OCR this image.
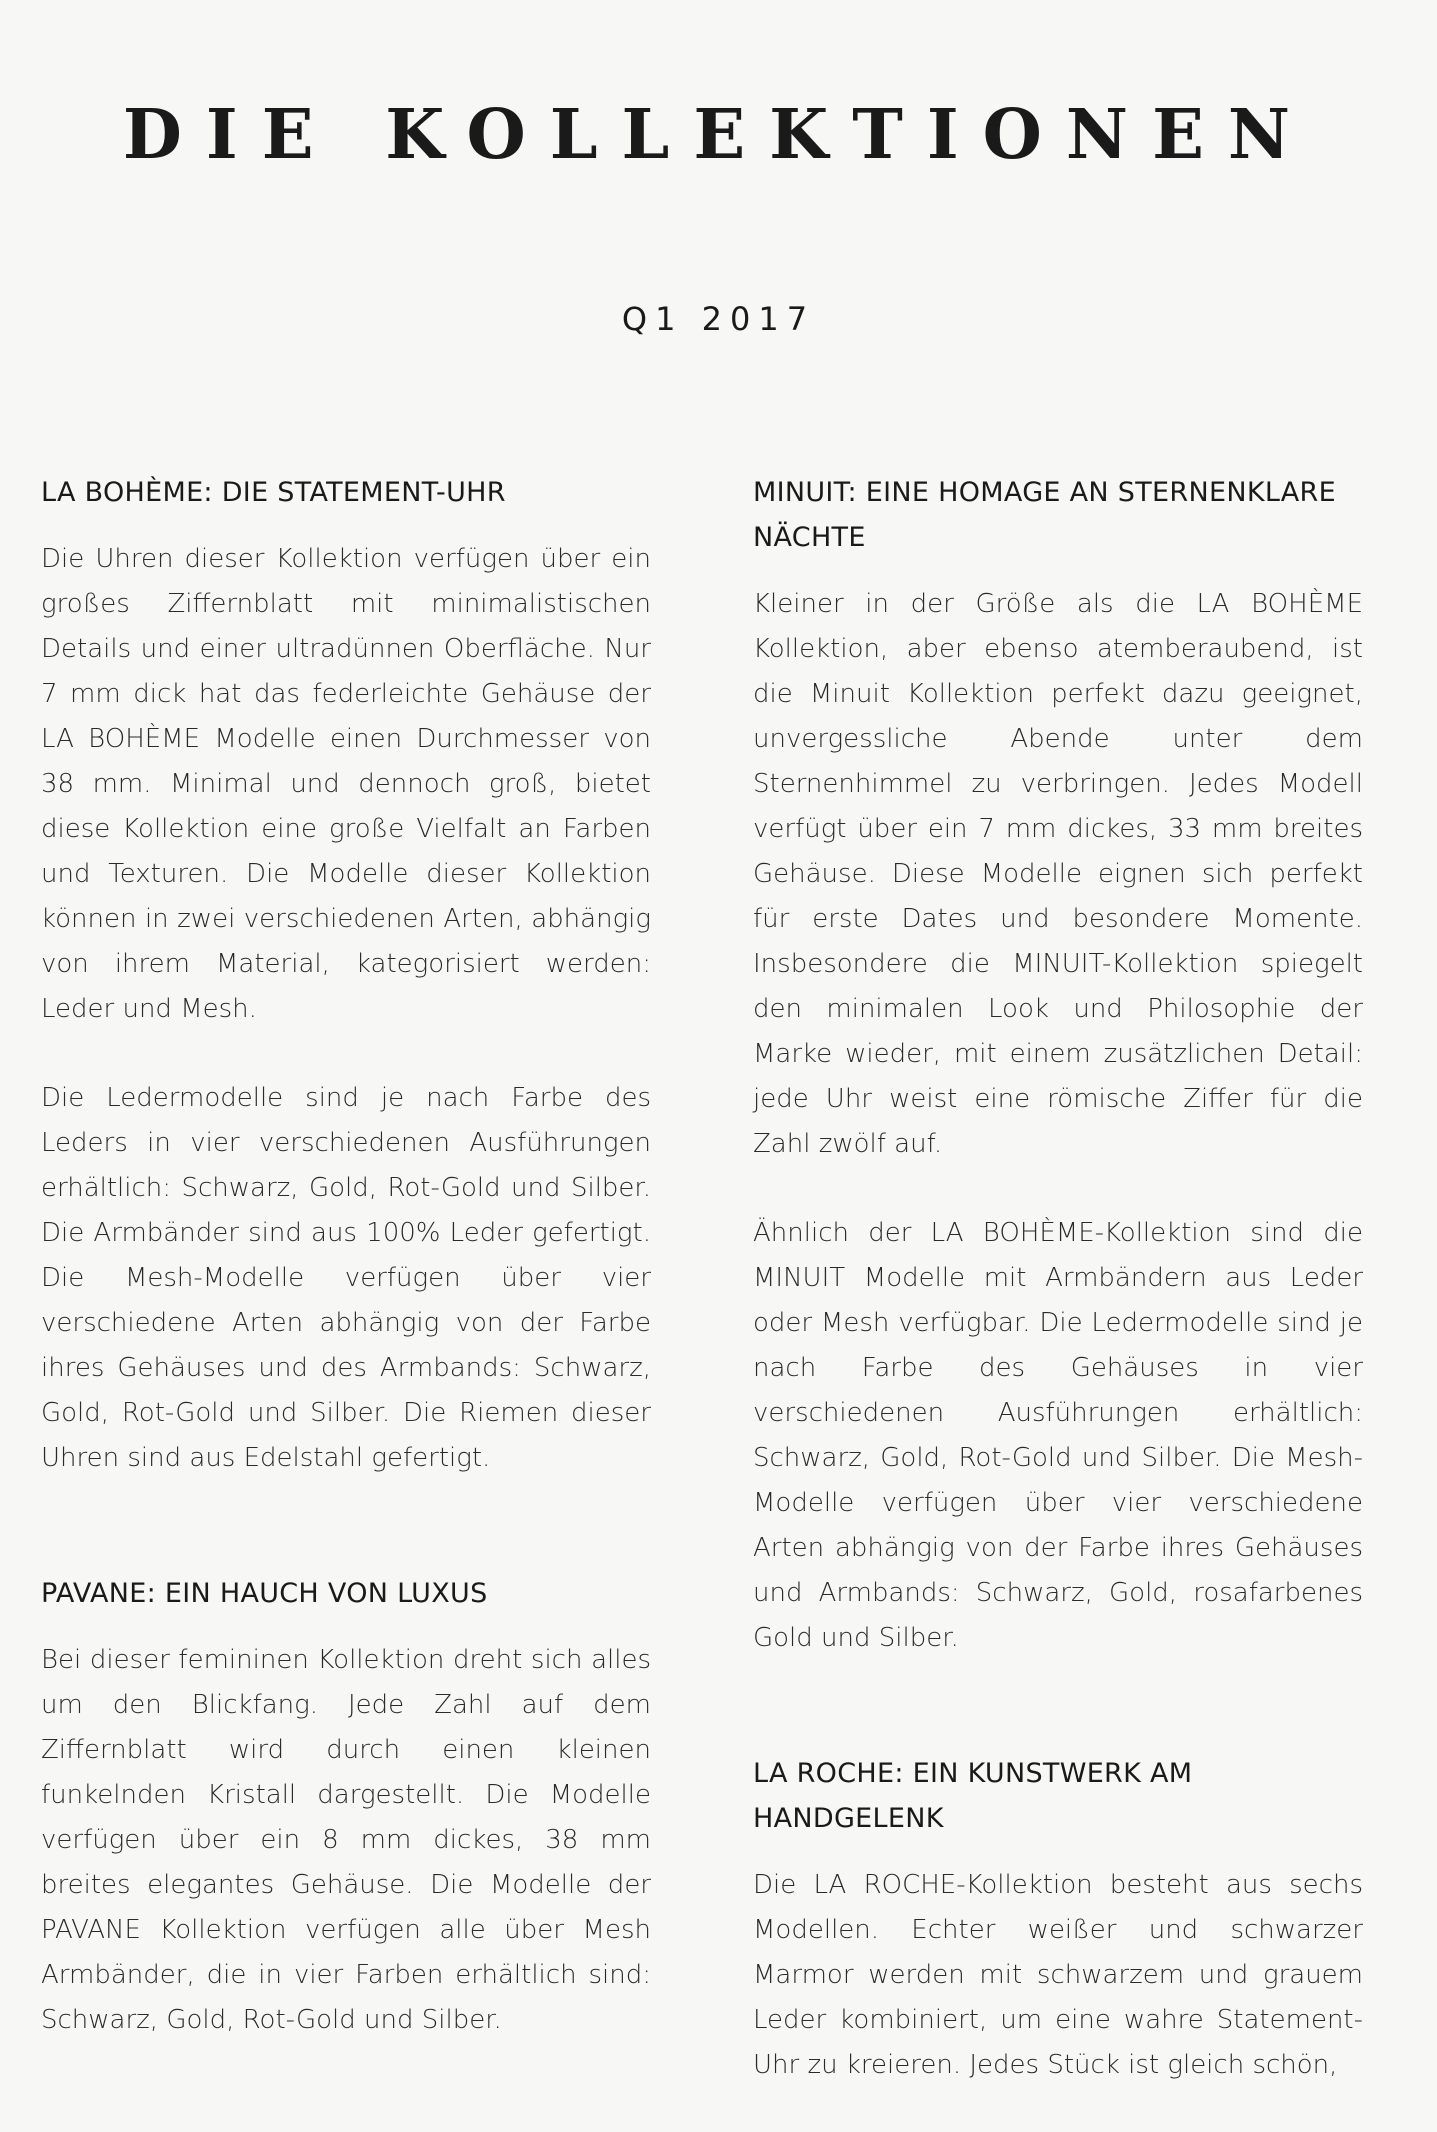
DIE KOLLEKTIONEN
Q1 2017
LA BOHÈME: DIE STATEMENT-UHR

Die Uhren dieser Kollektion verfügen über ein großes Ziffernblatt mit minimalistischen Details und einer ultradünnen Oberfläche. Nur 7 mm dick hat das federleichte Gehäuse der LA BOHÈME Modelle einen Durchmesser von 38 mm. Minimal und dennoch groß, bietet diese Kollektion eine große Vielfalt an Farben und Texturen. Die Modelle dieser Kollektion können in zwei verschiedenen Arten, abhängig von ihrem Material, kategorisiert werden: Leder und Mesh.

Die Ledermodelle sind je nach Farbe des Leders in vier verschiedenen Ausführungen erhältlich: Schwarz, Gold, Rot-Gold und Silber. Die Armbänder sind aus 100% Leder gefertigt. Die Mesh-Modelle verfügen über vier verschiedene Arten abhängig von der Farbe ihres Gehäuses und des Armbands: Schwarz, Gold, Rot-Gold und Silber. Die Riemen dieser Uhren sind aus Edelstahl gefertigt.

PAVANE: EIN HAUCH VON LUXUS

Bei dieser femininen Kollektion dreht sich alles um den Blickfang. Jede Zahl auf dem Ziffernblatt wird durch einen kleinen funkelnden Kristall dargestellt. Die Modelle verfügen über ein 8 mm dickes, 38 mm breites elegantes Gehäuse. Die Modelle der PAVANE Kollektion verfügen alle über Mesh Armbänder, die in vier Farben erhältlich sind: Schwarz, Gold, Rot-Gold und Silber.

MINUIT: EINE HOMAGE AN STERNENKLARE NÄCHTE

Kleiner in der Größe als die LA BOHÈME Kollektion, aber ebenso atemberaubend, ist die Minuit Kollektion perfekt dazu geeignet, unvergessliche Abende unter dem Sternenhimmel zu verbringen. Jedes Modell verfügt über ein 7 mm dickes, 33 mm breites Gehäuse. Diese Modelle eignen sich perfekt für erste Dates und besondere Momente. Insbesondere die MINUIT-Kollektion spiegelt den minimalen Look und Philosophie der Marke wieder, mit einem zusätzlichen Detail: jede Uhr weist eine römische Ziffer für die Zahl zwölf auf.

Ähnlich der LA BOHÈME-Kollektion sind die MINUIT Modelle mit Armbändern aus Leder oder Mesh verfügbar. Die Ledermodelle sind je nach Farbe des Gehäuses in vier verschiedenen Ausführungen erhältlich: Schwarz, Gold, Rot-Gold und Silber. Die Mesh-Modelle verfügen über vier verschiedene Arten abhängig von der Farbe ihres Gehäuses und Armbands: Schwarz, Gold, rosafarbenes Gold und Silber.

LA ROCHE: EIN KUNSTWERK AM HANDGELENK

Die LA ROCHE-Kollektion besteht aus sechs Modellen. Echter weißer und schwarzer Marmor werden mit schwarzem und grauem Leder kombiniert, um eine wahre Statement-Uhr zu kreieren. Jedes Stück ist gleich schön,
